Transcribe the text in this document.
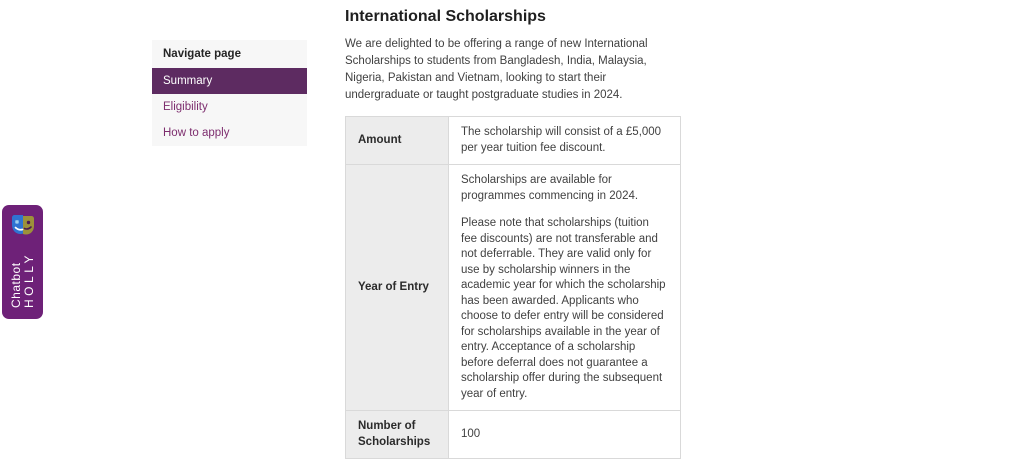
Chatbot HOLLY
Navigate page
Summary
Eligibility
How to apply
International Scholarships

We are delighted to be offering a range of new International Scholarships to students from Bangladesh, India, Malaysia, Nigeria, Pakistan and Vietnam, looking to start their undergraduate or taught postgraduate studies in 2024.

Amount	The scholarship will consist of a £5,000 per year tuition fee discount.

Year of Entry	Scholarships are available for programmes commencing in 2024.

Please note that scholarships (tuition fee discounts) are not transferable and not deferrable. They are valid only for use by scholarship winners in the academic year for which the scholarship has been awarded. Applicants who choose to defer entry will be considered for scholarships available in the year of entry. Acceptance of a scholarship before deferral does not guarantee a scholarship offer during the subsequent year of entry.

Number of Scholarships	100
